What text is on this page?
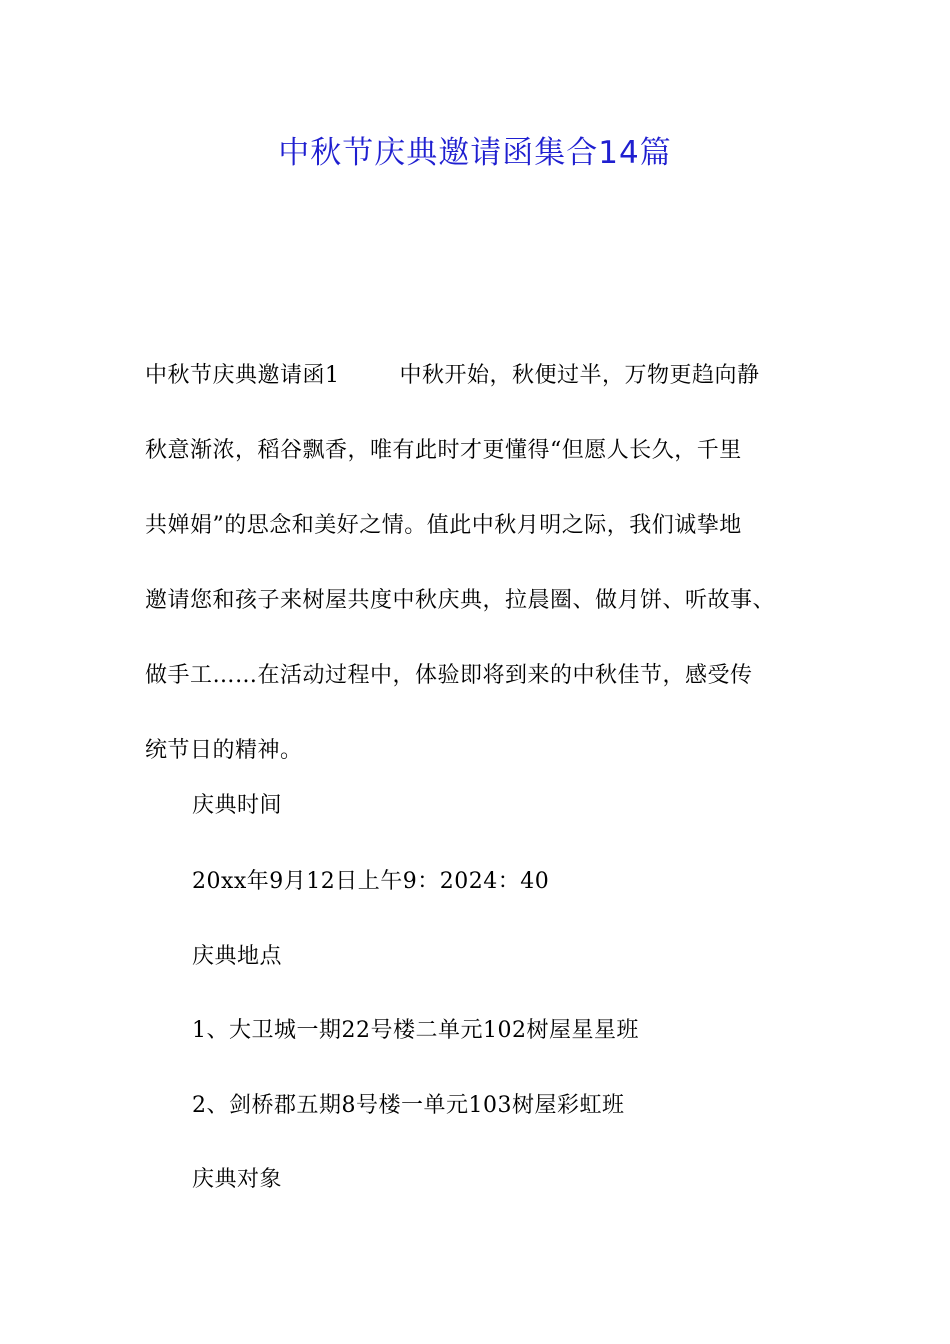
中秋节庆典邀请函集合14篇
中秋节庆典邀请函1	中秋开始，秋便过半，万物更趋向静
秋意渐浓，稻谷飘香，唯有此时才更懂得“但愿人长久，千里
共婵娟”的思念和美好之情。值此中秋月明之际，我们诚挚地
邀请您和孩子来树屋共度中秋庆典，拉晨圈、做月饼、听故事、
做手工……在活动过程中，体验即将到来的中秋佳节，感受传
统节日的精神。
庆典时间
20xx年9月12日上午9：2024：40
庆典地点
1、大卫城一期22号楼二单元102树屋星星班
2、剑桥郡五期8号楼一单元103树屋彩虹班
庆典对象
